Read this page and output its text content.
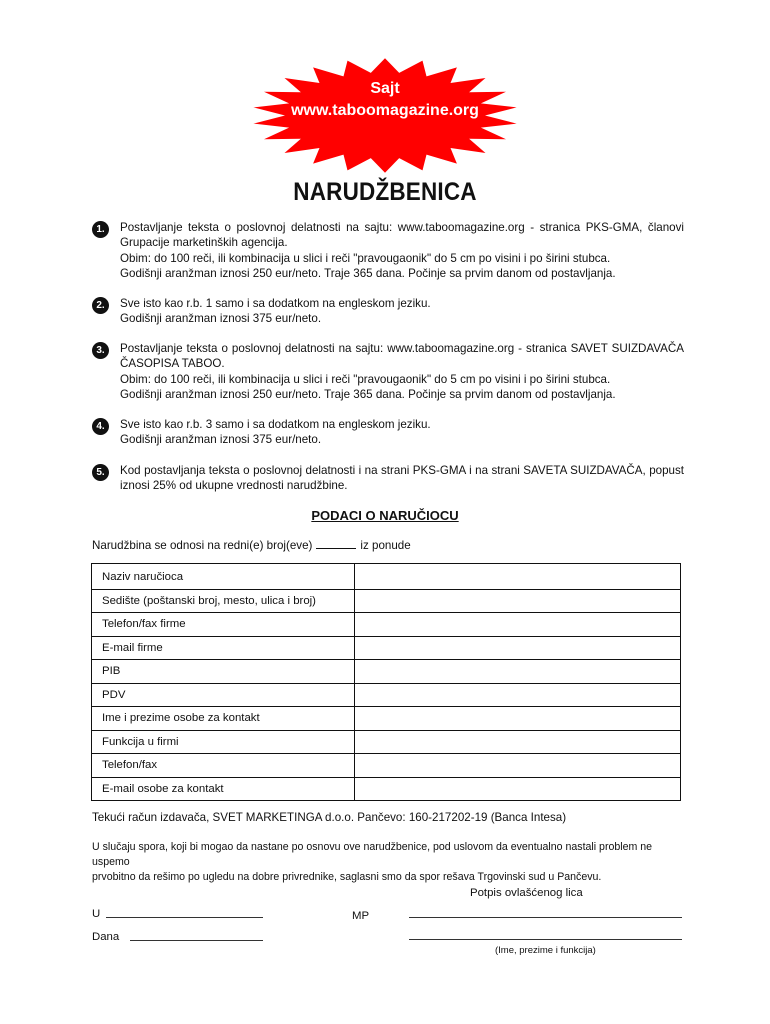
Sajt
www.taboomagazine.org
NARUDŽBENICA
1.	Postavljanje teksta o poslovnoj delatnosti na sajtu: www.taboomagazine.org - stranica PKS-GMA, članovi Grupacije marketinških agencija.

Obim: do 100 reči, ili kombinacija u slici i reči "pravougaonik" do 5 cm po visini i po širini stubca.

Godišnji aranžman iznosi 250 eur/neto. Traje 365 dana. Počinje sa prvim danom od postavljanja.

2.	Sve isto kao r.b. 1 samo i sa dodatkom na engleskom jeziku.

Godišnji aranžman iznosi 375 eur/neto.

3.	Postavljanje teksta o poslovnoj delatnosti na sajtu: www.taboomagazine.org - stranica SAVET SUIZDAVAČA ČASOPISA TABOO.

Obim: do 100 reči, ili kombinacija u slici i reči "pravougaonik" do 5 cm po visini i po širini stubca.

Godišnji aranžman iznosi 250 eur/neto. Traje 365 dana. Počinje sa prvim danom od postavljanja.

4.	Sve isto kao r.b. 3 samo i sa dodatkom na engleskom jeziku.

Godišnji aranžman iznosi 375 eur/neto.

5.	Kod postavljanja teksta o poslovnoj delatnosti i na strani PKS-GMA i na strani SAVETA SUIZDAVAČA, popust iznosi 25% od ukupne vrednosti narudžbine.

PODACI O NARUČIOCU
Narudžbina se odnosi na redni(e) broj(eve)	iz ponude
Naziv naručioca	
Sedište (poštanski broj, mesto, ulica i broj)	
Telefon/fax firme	
E-mail firme	
PIB	
PDV	
Ime i prezime osobe za kontakt	
Funkcija u firmi	
Telefon/fax	
E-mail osobe za kontakt	
Tekući račun izdavača, SVET MARKETINGA d.o.o. Pančevo: 160-217202-19 (Banca Intesa)

U slučaju spora, koji bi mogao da nastane po osnovu ove narudžbenice, pod uslovom da eventualno nastali problem ne uspemo

prvobitno da rešimo po ugledu na dobre privrednike, saglasni smo da spor rešava Trgovinski sud u Pančevu.

Potpis ovlašćenog lica
U	MP
Dana
(Ime, prezime i funkcija)
